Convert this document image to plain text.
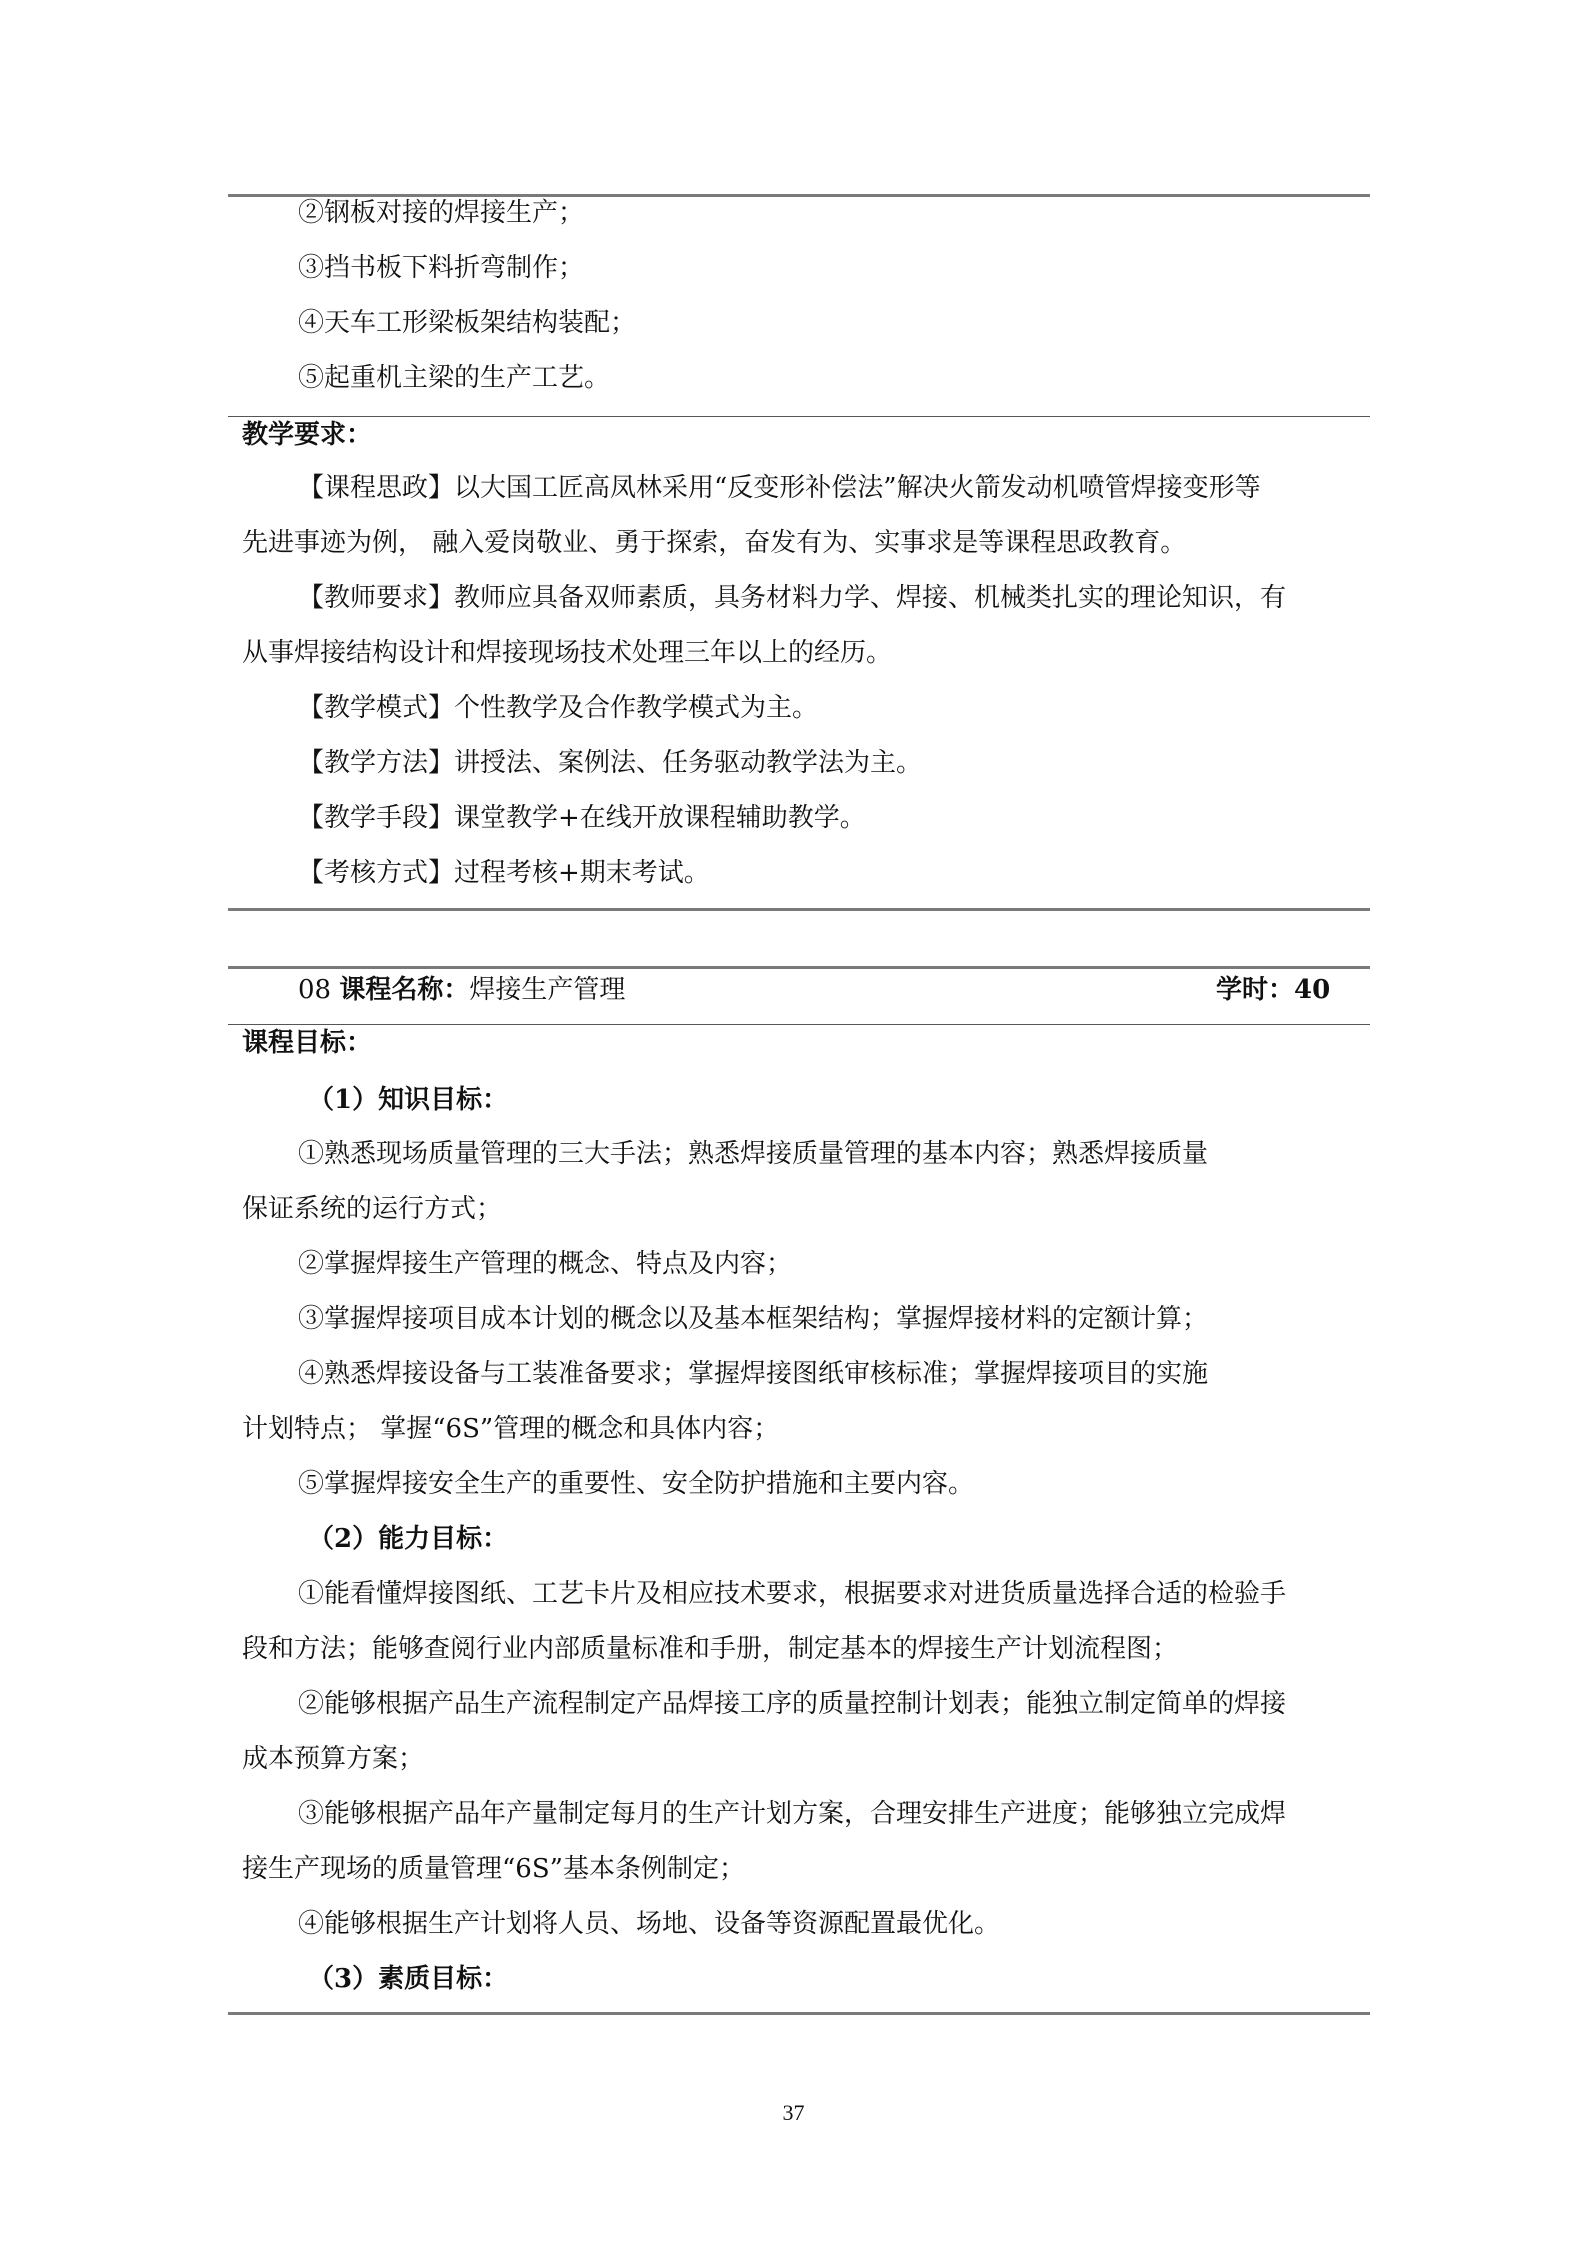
②钢板对接的焊接生产；
③挡书板下料折弯制作；
④天车工形梁板架结构装配；
⑤起重机主梁的生产工艺。
教学要求：
【课程思政】以大国工匠高凤林采用“反变形补偿法”解决火箭发动机喷管焊接变形等
先进事迹为例， 融入爱岗敬业、勇于探索，奋发有为、实事求是等课程思政教育。
【教师要求】教师应具备双师素质，具务材料力学、焊接、机械类扎实的理论知识，有
从事焊接结构设计和焊接现场技术处理三年以上的经历。
【教学模式】个性教学及合作教学模式为主。
【教学方法】讲授法、案例法、任务驱动教学法为主。
【教学手段】课堂教学+在线开放课程辅助教学。
【考核方式】过程考核+期末考试。
08 课程名称：焊接生产管理	学时：40
课程目标：
（1）知识目标：
①熟悉现场质量管理的三大手法；熟悉焊接质量管理的基本内容；熟悉焊接质量
保证系统的运行方式；
②掌握焊接生产管理的概念、特点及内容；
③掌握焊接项目成本计划的概念以及基本框架结构；掌握焊接材料的定额计算；
④熟悉焊接设备与工装准备要求；掌握焊接图纸审核标准；掌握焊接项目的实施
计划特点； 掌握“6S”管理的概念和具体内容；
⑤掌握焊接安全生产的重要性、安全防护措施和主要内容。
（2）能力目标：
①能看懂焊接图纸、工艺卡片及相应技术要求，根据要求对进货质量选择合适的检验手
段和方法；能够查阅行业内部质量标准和手册，制定基本的焊接生产计划流程图；
②能够根据产品生产流程制定产品焊接工序的质量控制计划表；能独立制定简单的焊接
成本预算方案；
③能够根据产品年产量制定每月的生产计划方案，合理安排生产进度；能够独立完成焊
接生产现场的质量管理“6S”基本条例制定；
④能够根据生产计划将人员、场地、设备等资源配置最优化。
（3）素质目标：
37
